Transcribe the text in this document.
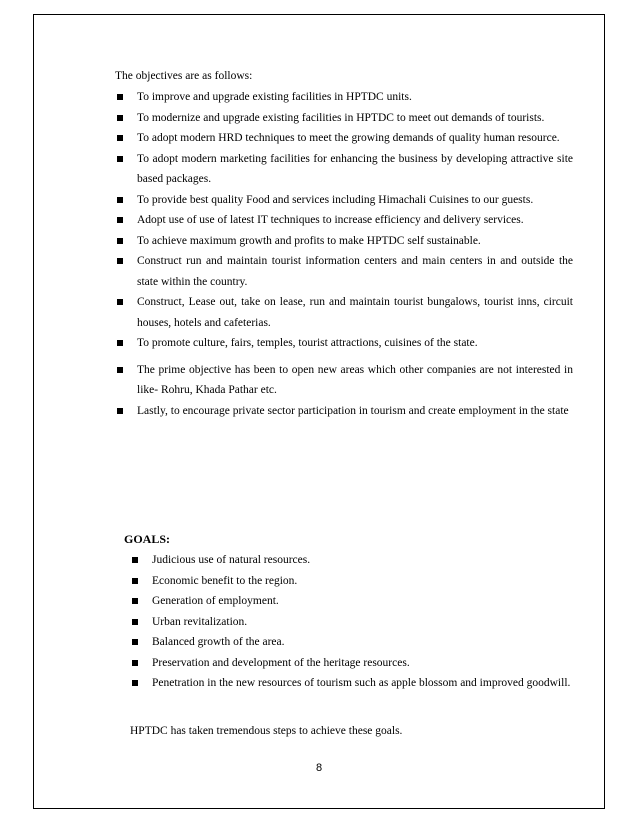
The objectives are as follows:

To improve and upgrade existing facilities in HPTDC units.
To modernize and upgrade existing facilities in HPTDC to meet out demands of tourists.
To adopt modern HRD techniques to meet the growing demands of quality human resource.
To adopt modern marketing facilities for enhancing the business by developing attractive site based packages.
To provide best quality Food and services including Himachali Cuisines to our guests.
Adopt use of use of latest IT techniques to increase efficiency and delivery services.
To achieve maximum growth and profits to make HPTDC self sustainable.
Construct run and maintain tourist information centers and main centers in and outside the state within the country.
Construct, Lease out, take on lease, run and maintain tourist bungalows, tourist inns, circuit houses, hotels and cafeterias.
To promote culture, fairs, temples, tourist attractions, cuisines of the state.
The prime objective has been to open new areas which other companies are not interested in like- Rohru, Khada Pathar etc.
Lastly, to encourage private sector participation in tourism and create employment in the state

GOALS:

Judicious use of natural resources.
Economic benefit to the region.
Generation of employment.
Urban revitalization.
Balanced growth of the area.
Preservation and development of the heritage resources.
Penetration in the new resources of tourism such as apple blossom and improved goodwill.

HPTDC has taken tremendous steps to achieve these goals.

8
